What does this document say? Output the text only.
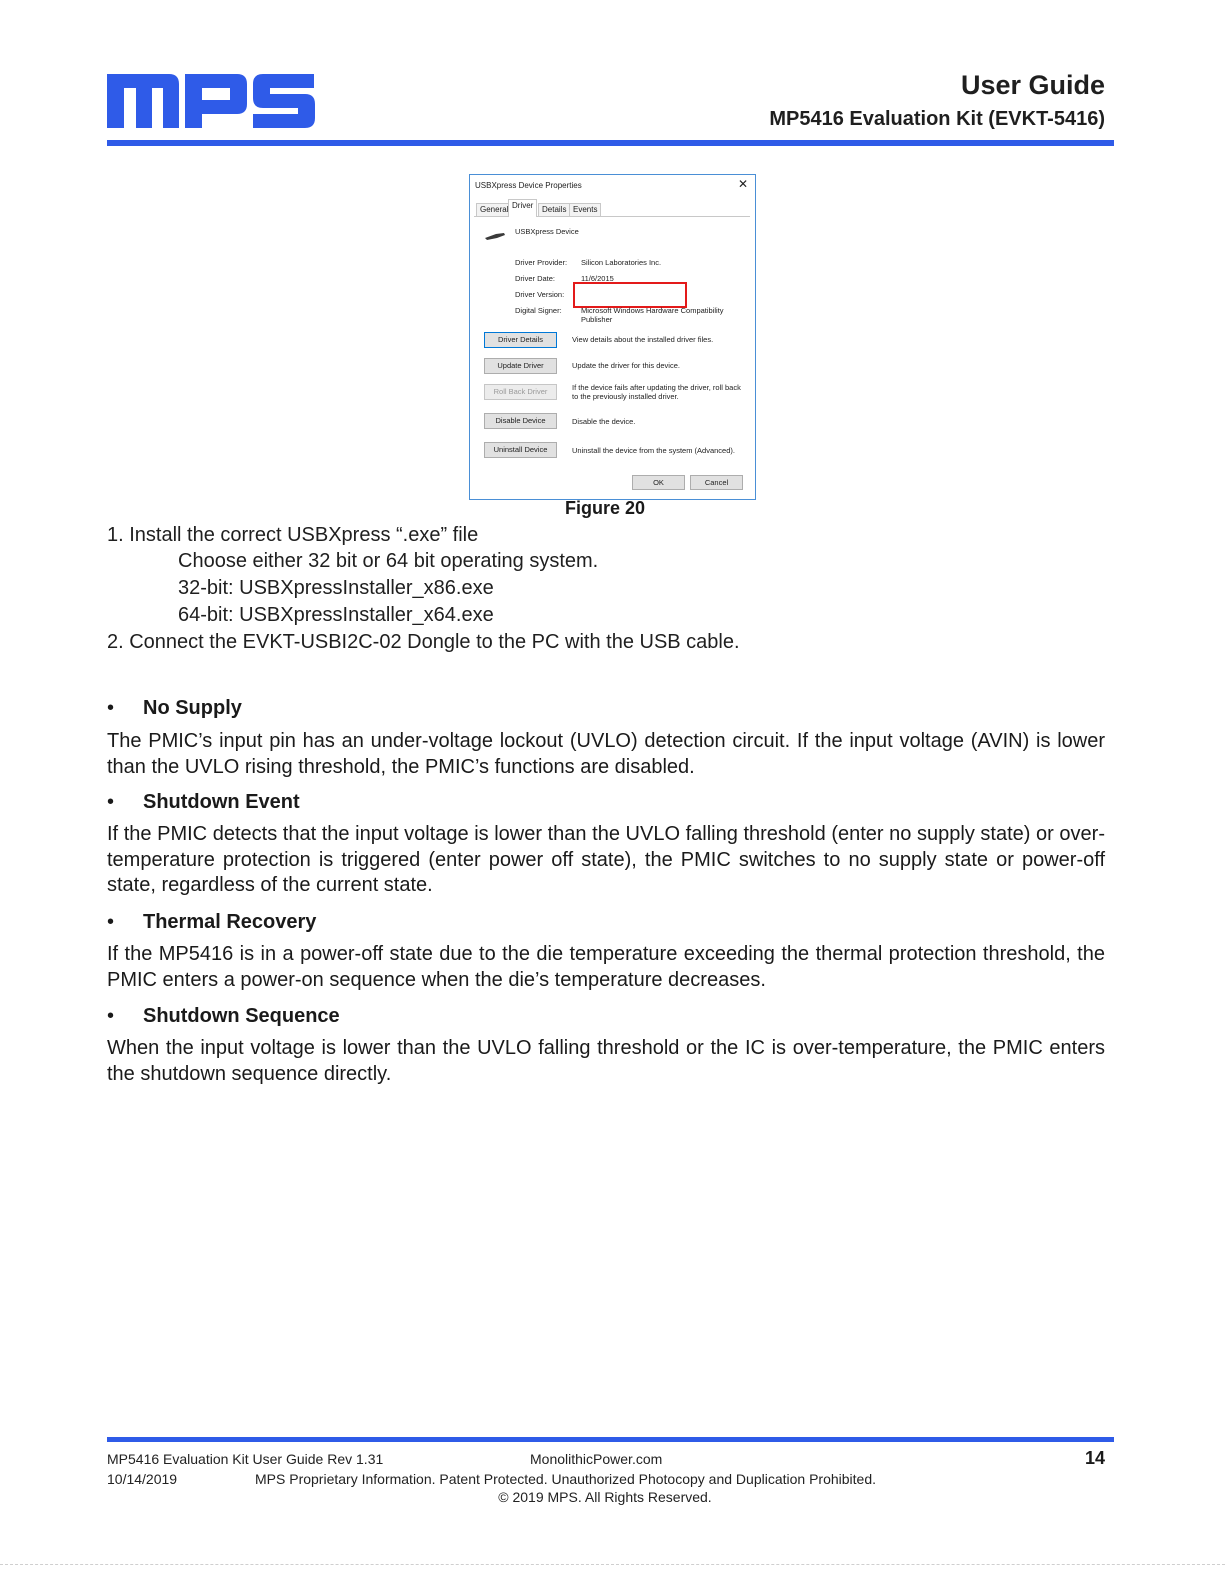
User Guide
MP5416 Evaluation Kit (EVKT-5416)
USBXpress Device Properties	✕
General Driver	Details Events
USBXpress Device
Driver Provider: Silicon Laboratories Inc.
Driver Date:	11/6/2015
Driver Version:
Digital Signer:	Microsoft Windows Hardware Compatibility Publisher
Driver Details	View details about the installed driver files.
Update Driver	Update the driver for this device.
Roll Back Driver	If the device fails after updating the driver, roll back to the previously installed driver.
Disable Device	Disable the device.
Uninstall Device	Uninstall the device from the system (Advanced).
OK	Cancel
Figure 20
1. Install the correct USBXpress “.exe” file
Choose either 32 bit or 64 bit operating system.
32-bit: USBXpressInstaller_x86.exe
64-bit: USBXpressInstaller_x64.exe
2. Connect the EVKT-USBI2C-02 Dongle to the PC with the USB cable.
• No Supply
The PMIC’s input pin has an under-voltage lockout (UVLO) detection circuit. If the input voltage (AVIN) is lower than the UVLO rising threshold, the PMIC’s functions are disabled.
• Shutdown Event
If the PMIC detects that the input voltage is lower than the UVLO falling threshold (enter no supply state) or over-temperature protection is triggered (enter power off state), the PMIC switches to no supply state or power-off state, regardless of the current state.
• Thermal Recovery
If the MP5416 is in a power-off state due to the die temperature exceeding the thermal protection threshold, the PMIC enters a power-on sequence when the die’s temperature decreases.
• Shutdown Sequence
When the input voltage is lower than the UVLO falling threshold or the IC is over-temperature, the PMIC enters the shutdown sequence directly.
MP5416 Evaluation Kit User Guide Rev 1.31	MonolithicPower.com	14
10/14/2019	MPS Proprietary Information. Patent Protected. Unauthorized Photocopy and Duplication Prohibited.
© 2019 MPS. All Rights Reserved.
